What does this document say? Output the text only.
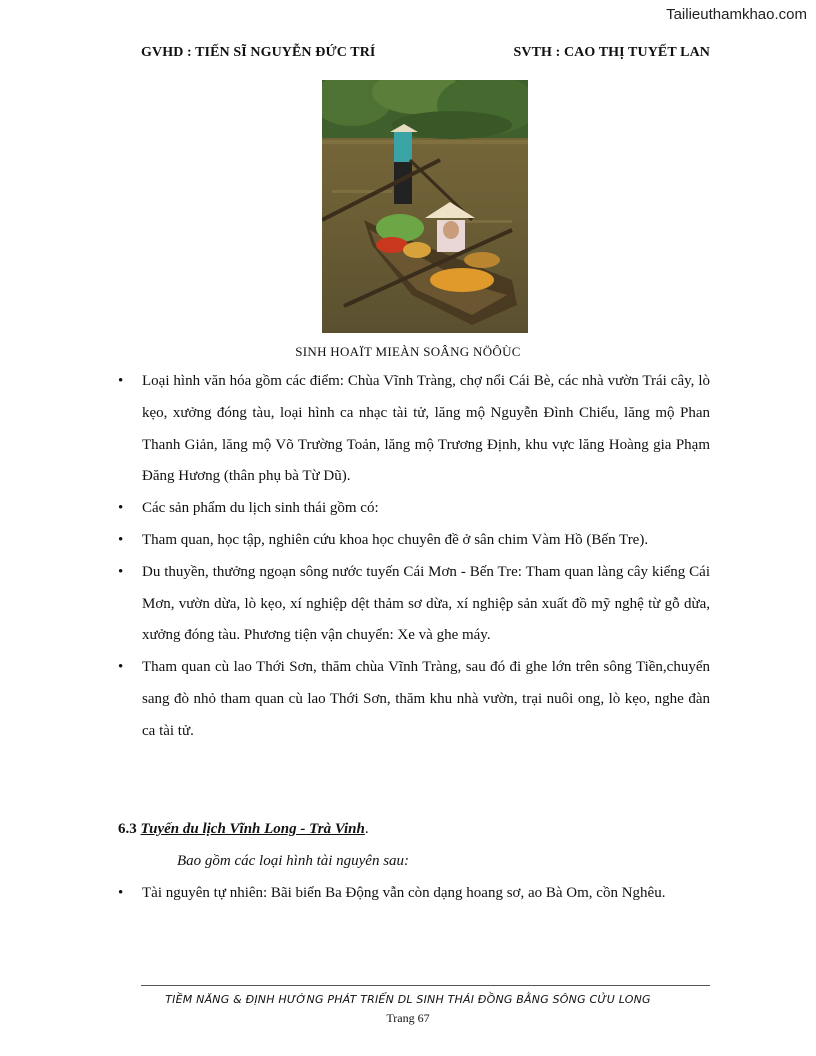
Tailieuthamkhao.com
GVHD : TIẾN SĨ NGUYỄN ĐỨC TRÍ	SVTH : CAO THỊ TUYẾT LAN
SINH HOAÏT MIEÀN SOÂNG NÖÔÙC
• Loại hình văn hóa gồm các điểm: Chùa Vĩnh Tràng, chợ nổi Cái Bè, các nhà vườn Trái cây, lò kẹo, xưởng đóng tàu, loại hình ca nhạc tài tử, lăng mộ Nguyễn Đình Chiểu, lăng mộ Phan Thanh Giản, lăng mộ Võ Trường Toản, lăng mộ Trương Định, khu vực lăng Hoàng gia Phạm Đăng Hương (thân phụ bà Từ Dũ).
• Các sản phẩm du lịch sinh thái gồm có:
• Tham quan, học tập, nghiên cứu khoa học chuyên đề ở sân chim Vàm Hồ (Bến Tre).
• Du thuyền, thưởng ngoạn sông nước tuyến Cái Mơn - Bến Tre: Tham quan làng cây kiểng Cái Mơn, vườn dừa, lò kẹo, xí nghiệp dệt thảm sơ dừa, xí nghiệp sản xuất đồ mỹ nghệ từ gỗ dừa, xưởng đóng tàu. Phương tiện vận chuyển: Xe và ghe máy.
• Tham quan cù lao Thới Sơn, thăm chùa Vĩnh Tràng, sau đó đi ghe lớn trên sông Tiền,chuyển sang đò nhỏ tham quan cù lao Thới Sơn, thăm khu nhà vườn, trại nuôi ong, lò kẹo, nghe đàn ca tài tử.
6.3 Tuyến du lịch Vĩnh Long - Trà Vinh.
Bao gồm các loại hình tài nguyên sau:
• Tài nguyên tự nhiên: Bãi biển Ba Động vẫn còn dạng hoang sơ, ao Bà Om, cồn Nghêu.
TIỀM NĂNG & ĐỊNH HƯỚNG PHÁT TRIỂN DL SINH THÁI ĐỒNG BẰNG SÔNG CỬU LONG
Trang 67
